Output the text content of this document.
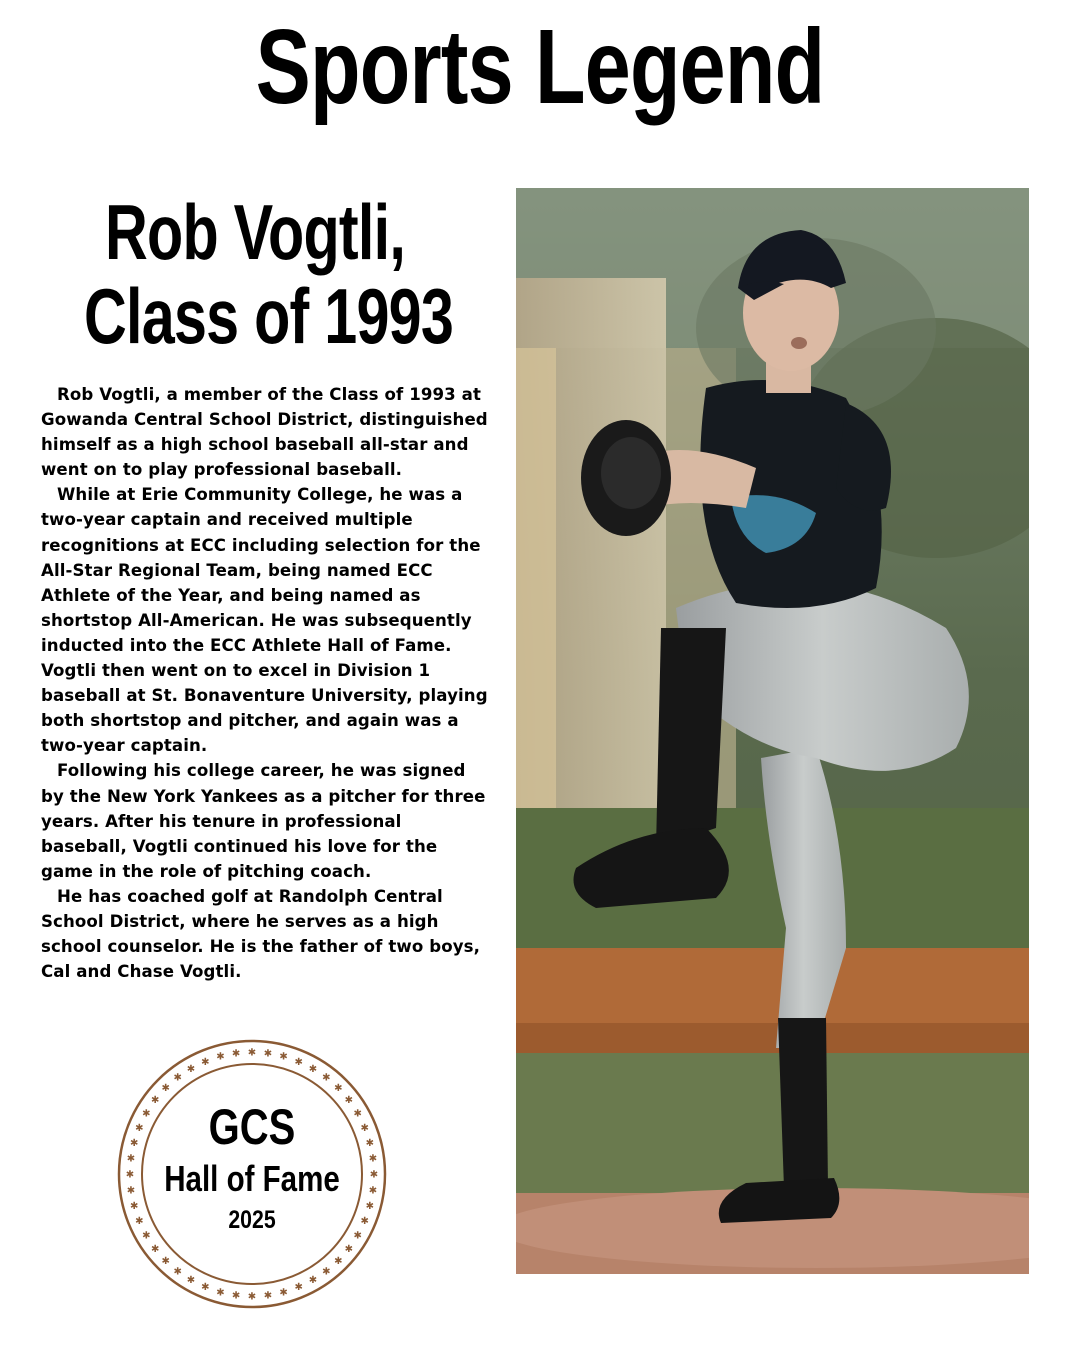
Sports Legend
Rob Vogtli,
Class of 1993

Rob Vogtli, a member of the Class of 1993 at Gowanda Central School District, distinguished himself as a high school baseball all-star and went on to play professional baseball.

While at Erie Community College, he was a two-year captain and received multiple recognitions at ECC including selection for the All-Star Regional Team, being named ECC Athlete of the Year, and being named as shortstop All-American. He was subsequently inducted into the ECC Athlete Hall of Fame. Vogtli then went on to excel in Division 1 baseball at St. Bonaventure University, playing both shortstop and pitcher, and again was a two-year captain.

Following his college career, he was signed by the New York Yankees as a pitcher for three years. After his tenure in professional baseball, Vogtli continued his love for the game in the role of pitching coach.

He has coached golf at Randolph Central School District, where he serves as a high school counselor. He is the father of two boys, Cal and Chase Vogtli.

✱
✱
✱
✱
✱
✱
✱
✱
✱
✱
✱
✱
✱
✱
✱
✱
✱
✱
✱
✱
✱
✱
✱
✱
✱
✱
✱
✱
✱
✱
✱
✱
✱
✱ ✱ ✱ ✱ ✱ ✱ ✱
✱
✱
✱
✱
✱
✱
✱
✱
GCS
Hall of Fame
2025
